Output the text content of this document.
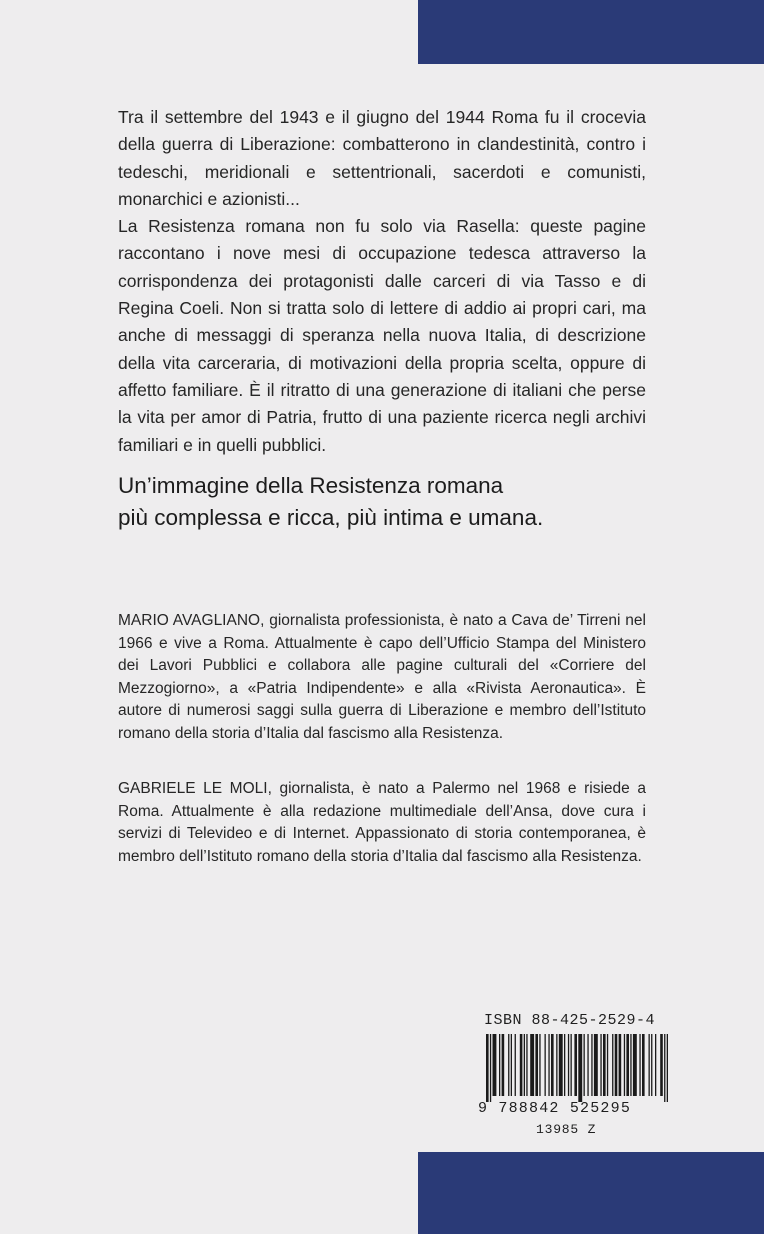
Tra il settembre del 1943 e il giugno del 1944 Roma fu il crocevia della guerra di Liberazione: combatterono in clandestinità, contro i tedeschi, meridionali e settentrionali, sacerdoti e comunisti, monarchici e azionisti...

La Resistenza romana non fu solo via Rasella: queste pagine raccontano i nove mesi di occupazione tedesca attraverso la corrispondenza dei protagonisti dalle carceri di via Tasso e di Regina Coeli. Non si tratta solo di lettere di addio ai propri cari, ma anche di messaggi di speranza nella nuova Italia, di descrizione della vita carceraria, di motivazioni della propria scelta, oppure di affetto familiare. È il ritratto di una generazione di italiani che perse la vita per amor di Patria, frutto di una paziente ricerca negli archivi familiari e in quelli pubblici.

Un’immagine della Resistenza romana
più complessa e ricca, più intima e umana.

MARIO AVAGLIANO, giornalista professionista, è nato a Cava de’ Tirreni nel 1966 e vive a Roma. Attualmente è capo dell’Ufficio Stampa del Ministero dei Lavori Pubblici e collabora alle pagine culturali del «Corriere del Mezzogiorno», a «Patria Indipendente» e alla «Rivista Aeronautica». È autore di numerosi saggi sulla guerra di Liberazione e membro dell’Istituto romano della storia d’Italia dal fascismo alla Resistenza.

GABRIELE LE MOLI, giornalista, è nato a Palermo nel 1968 e risiede a Roma. Attualmente è alla redazione multimediale dell’Ansa, dove cura i servizi di Televideo e di Internet. Appassionato di storia contemporanea, è membro dell’Istituto romano della storia d’Italia dal fascismo alla Resistenza.

ISBN 88-425-2529-4
9 788842 525295
13985 Z
